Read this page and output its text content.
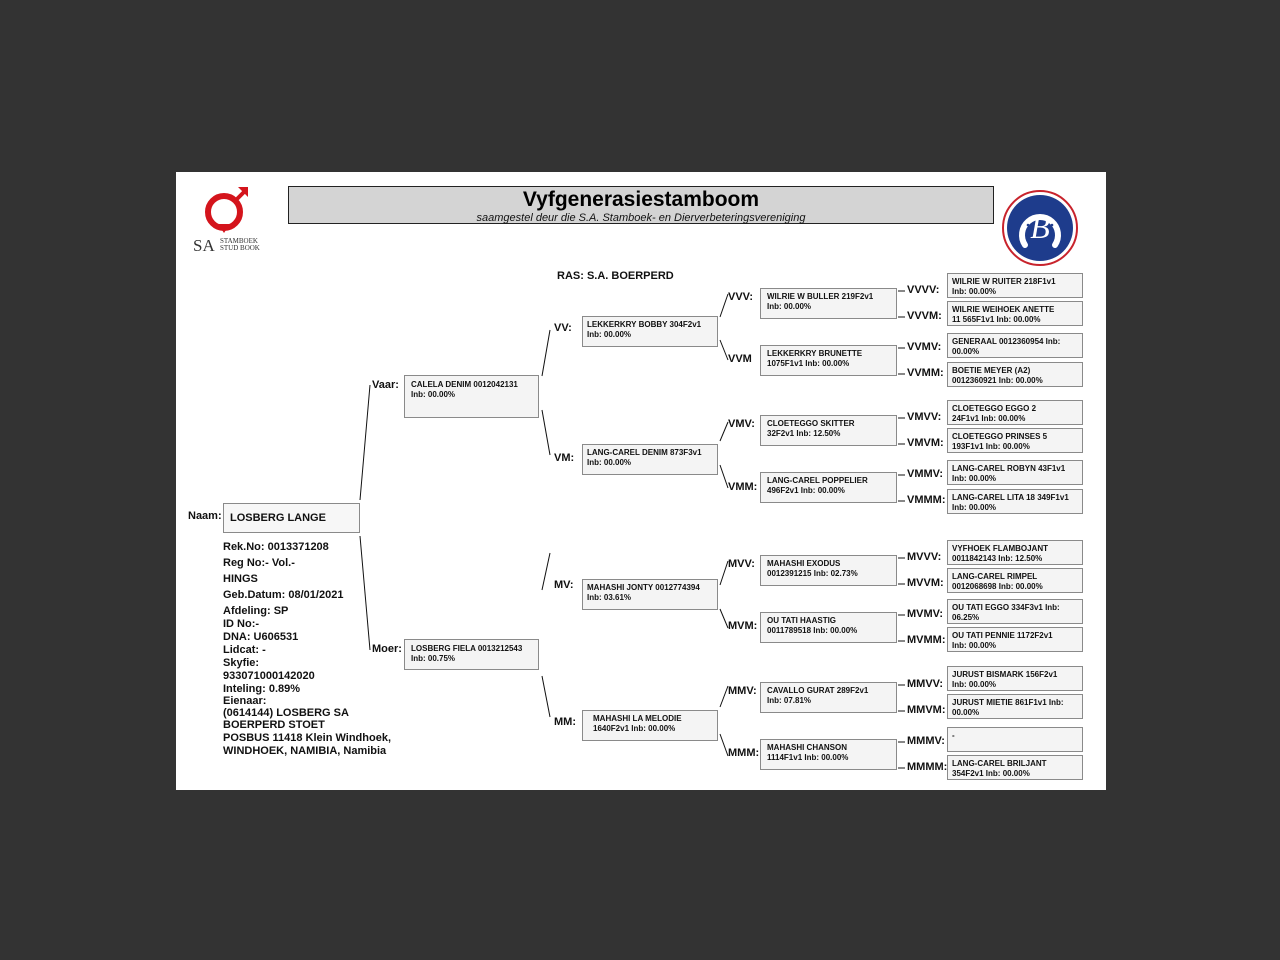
SA STAMBOEK
STUD BOOK
Vyfgenerasiestamboom
saamgestel deur die S.A. Stamboek- en Dierverbeteringsvereniging	B
RAS: S.A. BOERPERD
Naam: LOSBERG LANGE
Rek.No: 0013371208
Reg No:- Vol.-
HINGS
Geb.Datum: 08/01/2021
Afdeling: SP
ID No:-
DNA: U606531
Lidcat: -
Skyfie:
933071000142020
Inteling: 0.89%
Eienaar:
(0614144) LOSBERG SA
BOERPERD STOET
POSBUS 11418 Klein Windhoek,
WINDHOEK, NAMIBIA, Namibia
Vaar: CALELA DENIM 0012042131
Inb: 00.00%
Moer: LOSBERG FIELA 0013212543
Inb: 00.75%
VV: LEKKERKRY BOBBY 304F2v1
Inb: 00.00%
VM: LANG-CAREL DENIM 873F3v1
Inb: 00.00%
MV: MAHASHI JONTY 0012774394
Inb: 03.61%
MM: MAHASHI LA MELODIE
1640F2v1 Inb: 00.00%
VVV: WILRIE W BULLER 219F2v1
Inb: 00.00%
VVM LEKKERKRY BRUNETTE
1075F1v1 Inb: 00.00%
VMV: CLOETEGGO SKITTER
32F2v1 Inb: 12.50%
VMM:
LANG-CAREL POPPELIER
496F2v1 Inb: 00.00%
MVV: MAHASHI EXODUS
0012391215 Inb: 02.73%
MVM: OU TATI HAASTIG
0011789518 Inb: 00.00%
MMV: CAVALLO GURAT 289F2v1
Inb: 07.81%
MMM: MAHASHI CHANSON
1114F1v1 Inb: 00.00%
VVVV:
WILRIE W RUITER 218F1v1
Inb: 00.00%
VVVM:
WILRIE WEIHOEK ANETTE
11 565F1v1 Inb: 00.00%
VVMV: GENERAAL 0012360954 Inb:
00.00%
VVMM: BOETIE MEYER (A2)
0012360921 Inb: 00.00%
VMVV:
CLOETEGGO EGGO 2
24F1v1 Inb: 00.00%
VMVM:
CLOETEGGO PRINSES 5
193F1v1 Inb: 00.00%
VMMV: LANG-CAREL ROBYN 43F1v1
Inb: 00.00%
VMMM: LANG-CAREL LITA 18 349F1v1
Inb: 00.00%
MVVV:
VYFHOEK FLAMBOJANT
0011842143 Inb: 12.50%
MVVM:
LANG-CAREL RIMPEL
0012068698 Inb: 00.00%
MVMV:
OU TATI EGGO 334F3v1 Inb:
06.25%
MVMM: OU TATI PENNIE 1172F2v1
Inb: 00.00%
MMVV:
JURUST BISMARK 156F2v1
Inb: 00.00%
MMVM:
JURUST MIETIE 861F1v1 Inb:
00.00%
MMMV: -
MMMM: LANG-CAREL BRILJANT
354F2v1 Inb: 00.00%
